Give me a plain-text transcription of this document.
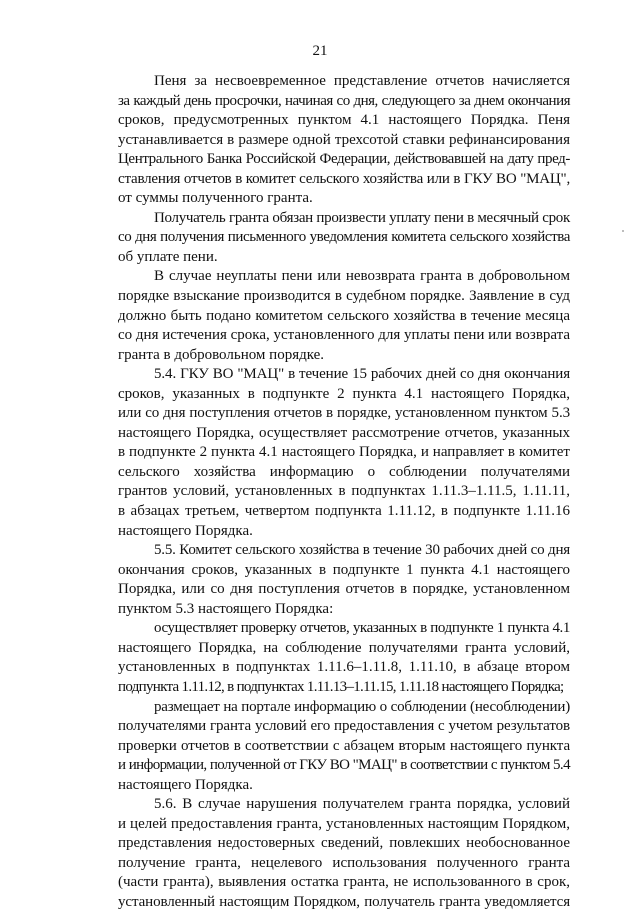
21
Пеня за несвоевременное представление отчетов начисляется
за каждый день просрочки, начиная со дня, следующего за днем окончания
сроков, предусмотренных пунктом 4.1 настоящего Порядка. Пеня
устанавливается в размере одной трехсотой ставки рефинансирования
Центрального Банка Российской Федерации, действовавшей на дату пред-
ставления отчетов в комитет сельского хозяйства или в ГКУ ВО "МАЦ",
от суммы полученного гранта.
Получатель гранта обязан произвести уплату пени в месячный срок
со дня получения письменного уведомления комитета сельского хозяйства
об уплате пени.
В случае неуплаты пени или невозврата гранта в добровольном
порядке взыскание производится в судебном порядке. Заявление в суд
должно быть подано комитетом сельского хозяйства в течение месяца
со дня истечения срока, установленного для уплаты пени или возврата
гранта в добровольном порядке.
5.4. ГКУ ВО "МАЦ" в течение 15 рабочих дней со дня окончания
сроков, указанных в подпункте 2 пункта 4.1 настоящего Порядка,
или со дня поступления отчетов в порядке, установленном пунктом 5.3
настоящего Порядка, осуществляет рассмотрение отчетов, указанных
в подпункте 2 пункта 4.1 настоящего Порядка, и направляет в комитет
сельского хозяйства информацию о соблюдении получателями
грантов условий, установленных в подпунктах 1.11.3–1.11.5, 1.11.11,
в абзацах третьем, четвертом подпункта 1.11.12, в подпункте 1.11.16
настоящего Порядка.
5.5. Комитет сельского хозяйства в течение 30 рабочих дней со дня
окончания сроков, указанных в подпункте 1 пункта 4.1 настоящего
Порядка, или со дня поступления отчетов в порядке, установленном
пунктом 5.3 настоящего Порядка:
осуществляет проверку отчетов, указанных в подпункте 1 пункта 4.1
настоящего Порядка, на соблюдение получателями гранта условий,
установленных в подпунктах 1.11.6–1.11.8, 1.11.10, в абзаце втором
подпункта 1.11.12, в подпунктах 1.11.13–1.11.15, 1.11.18 настоящего Порядка;
размещает на портале информацию о соблюдении (несоблюдении)
получателями гранта условий его предоставления с учетом результатов
проверки отчетов в соответствии с абзацем вторым настоящего пункта
и информации, полученной от ГКУ ВО "МАЦ" в соответствии с пунктом 5.4
настоящего Порядка.
5.6. В случае нарушения получателем гранта порядка, условий
и целей предоставления гранта, установленных настоящим Порядком,
представления недостоверных сведений, повлекших необоснованное
получение гранта, нецелевого использования полученного гранта
(части гранта), выявления остатка гранта, не использованного в срок,
установленный настоящим Порядком, получатель гранта уведомляется
